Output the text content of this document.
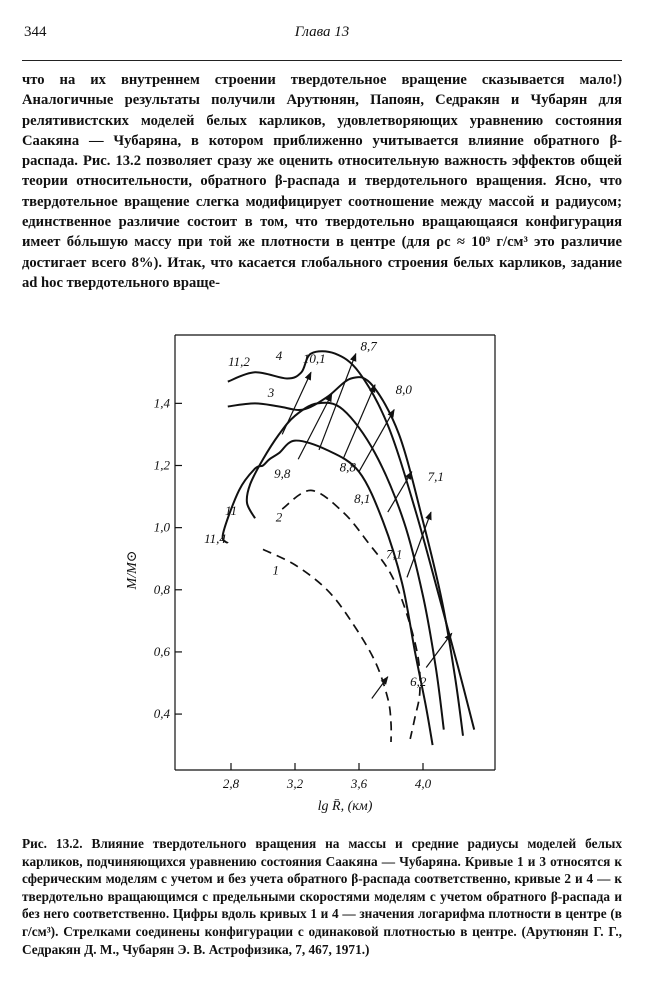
344	Глава 13

что на их внутреннем строении твердотельное вращение сказывается мало!) Аналогичные результаты получили Арутюнян, Папоян, Седракян и Чубарян для релятивистских моделей белых карликов, удовлетворяющих уравнению состояния Саакяна — Чубаряна, в котором приближенно учитывается влияние обратного β-распада. Рис. 13.2 позволяет сразу же оценить относительную важность эффектов общей теории относительности, обратного β-распада и твердотельного вращения. Ясно, что твердотельное вращение слегка модифицирует соотношение между массой и радиусом; единственное различие состоит в том, что твердотельно вращающаяся конфигурация имеет бóльшую массу при той же плотности в центре (для ρc ≈ 10⁹ г/см³ это различие достигает всего 8%). Итак, что касается глобального строения белых карликов, задание ad hoc твердотельного враще-

0,4
0,6
0,8
1,0
1,2
1,4
2,8	3,2	3,6	4,0
1
2
3
4
11,2	10,1
8,7
8,0
9,8	8,8
8,1
7,1
11
11,4
7,1
6,2
M/M⊙
lg R̄, (км)

Рис. 13.2. Влияние твердотельного вращения на массы и средние радиусы моделей белых карликов, подчиняющихся уравнению состояния Саакяна — Чубаряна. Кривые 1 и 3 относятся к сферическим моделям с учетом и без учета обратного β-распада соответственно, кривые 2 и 4 — к твердотельно вращающимся с предельными скоростями моделям с учетом обратного β-распада и без него соответственно. Цифры вдоль кривых 1 и 4 — значения логарифма плотности в центре (в г/см³). Стрелками соединены конфигурации с одинаковой плотностью в центре. (Арутюнян Г. Г., Седракян Д. М., Чубарян Э. В. Астрофизика, 7, 467, 1971.)
